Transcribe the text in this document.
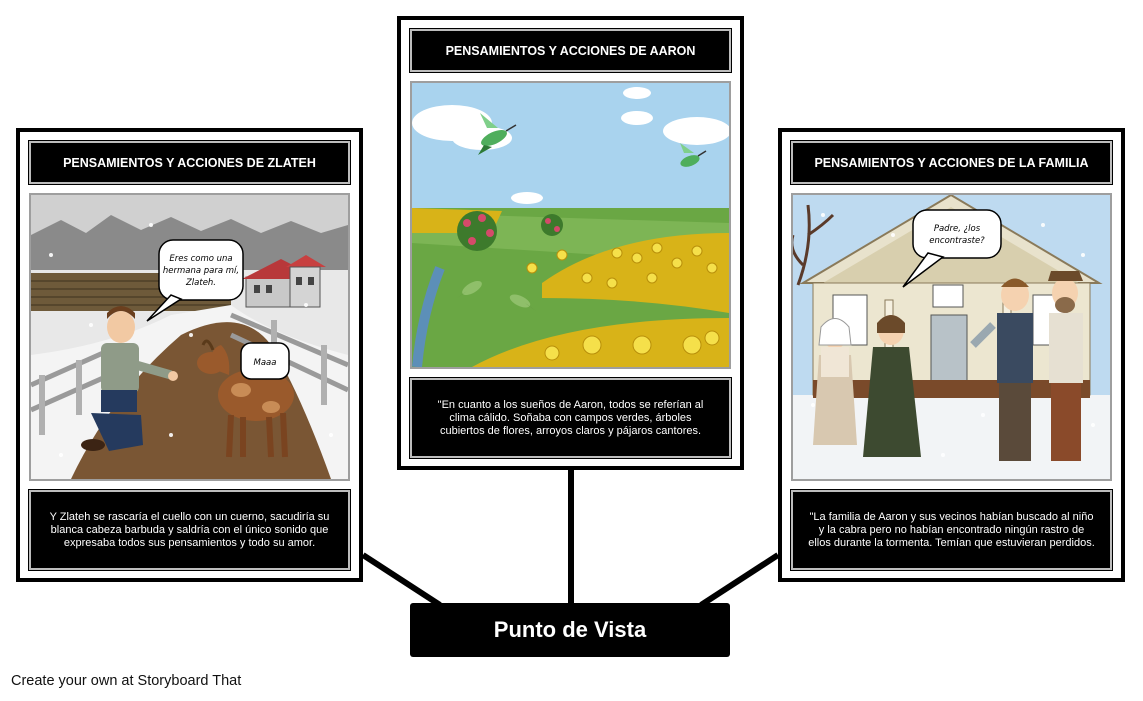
PENSAMIENTOS Y ACCIONES DE ZLATEH
Eres como una
hermana para mí,
Zlateh.
Maaa
Y Zlateh se rascaría el cuello con un cuerno, sacudiría su blanca cabeza barbuda y saldría con el único sonido que expresaba todos sus pensamientos y todo su amor.
PENSAMIENTOS Y ACCIONES DE AARON
"En cuanto a los sueños de Aaron, todos se referían al clima cálido. Soñaba con campos verdes, árboles cubiertos de flores, arroyos claros y pájaros cantores.
PENSAMIENTOS Y ACCIONES DE LA FAMILIA
Padre, ¿los
encontraste?
"La familia de Aaron y sus vecinos habían buscado al niño y la cabra pero no habían encontrado ningún rastro de ellos durante la tormenta. Temían que estuvieran perdidos.
Punto de Vista
Create your own at Storyboard That
